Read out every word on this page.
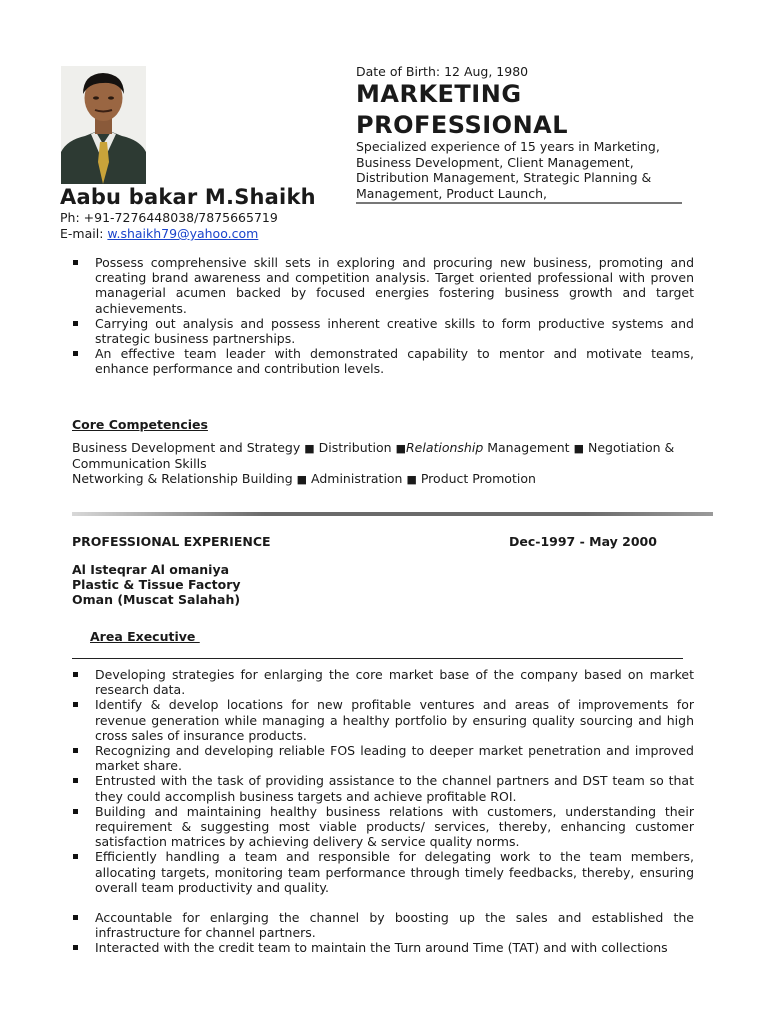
Aabu bakar M.Shaikh
Ph: +91-7276448038/7875665719
E-mail: w.shaikh79@yahoo.com
Date of Birth: 12 Aug, 1980
MARKETING
PROFESSIONAL
Specialized experience of 15 years in Marketing, Business Development, Client Management, Distribution Management, Strategic Planning & Management, Product Launch,
Possess comprehensive skill sets in exploring and procuring new business, promoting and creating brand awareness and competition analysis. Target oriented professional with proven managerial acumen backed by focused energies fostering business growth and target achievements.
Carrying out analysis and possess inherent creative skills to form productive systems and strategic business partnerships.
An effective team leader with demonstrated capability to mentor and motivate teams, enhance performance and contribution levels.
Core Competencies
Business Development and Strategy ■ Distribution ■Relationship Management ■ Negotiation & Communication Skills
Networking & Relationship Building ■ Administration ■ Product Promotion
PROFESSIONAL EXPERIENCE	Dec-1997 - May 2000
Al Isteqrar Al omaniya
Plastic & Tissue Factory
Oman (Muscat Salahah)
Area Executive
Developing strategies for enlarging the core market base of the company based on market research data.
Identify & develop locations for new profitable ventures and areas of improvements for revenue generation while managing a healthy portfolio by ensuring quality sourcing and high cross sales of insurance products.
Recognizing and developing reliable FOS leading to deeper market penetration and improved market share.
Entrusted with the task of providing assistance to the channel partners and DST team so that they could accomplish business targets and achieve profitable ROI.
Building and maintaining healthy business relations with customers, understanding their requirement & suggesting most viable products/ services, thereby, enhancing customer satisfaction matrices by achieving delivery & service quality norms.
Efficiently handling a team and responsible for delegating work to the team members, allocating targets, monitoring team performance through timely feedbacks, thereby, ensuring overall team productivity and quality.
Accountable for enlarging the channel by boosting up the sales and established the infrastructure for channel partners.
Interacted with the credit team to maintain the Turn around Time (TAT) and with collections
